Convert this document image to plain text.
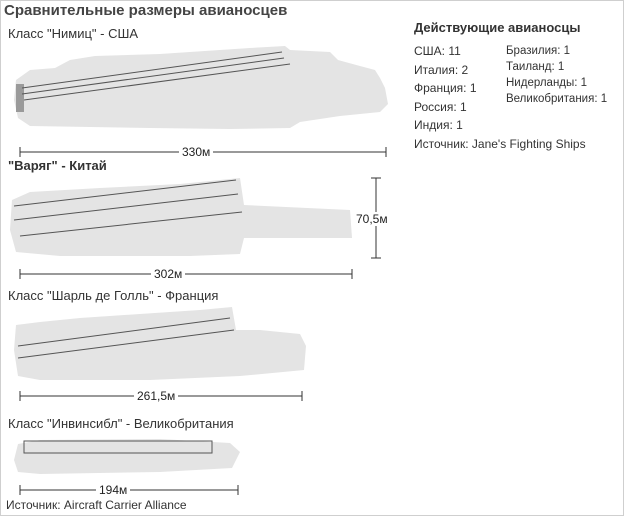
Сравнительные размеры авианосцев
Класс "Нимиц" - США
"Варяг" - Китай
Класс "Шарль де Голль" - Франция
Класс "Инвинсибл" - Великобритания
330м
302м
70,5м
261,5м
194м
Действующие авианосцы
США: 11
Италия: 2
Франция: 1
Россия: 1
Индия: 1
Бразилия: 1
Таиланд: 1
Нидерланды: 1
Великобритания: 1
Источник: Jane's Fighting Ships
Источник: Aircraft Carrier Alliance
